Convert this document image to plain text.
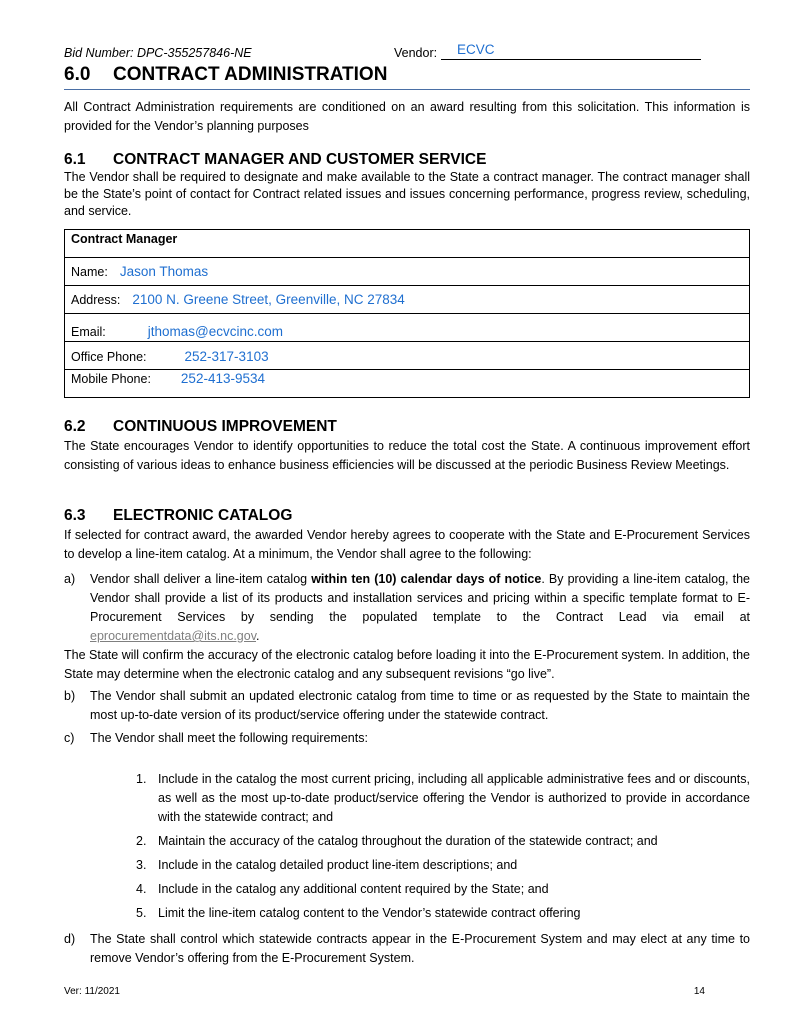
Bid Number: DPC-355257846-NE	Vendor: ECVC
6.0 CONTRACT ADMINISTRATION
All Contract Administration requirements are conditioned on an award resulting from this solicitation. This information is provided for the Vendor’s planning purposes
6.1 CONTRACT MANAGER AND CUSTOMER SERVICE
The Vendor shall be required to designate and make available to the State a contract manager. The contract manager shall be the State’s point of contact for Contract related issues and issues concerning performance, progress review, scheduling, and service.
Contract Manager
Name: Jason Thomas
Address: 2100 N. Greene Street, Greenville, NC 27834
Email:	jthomas@ecvcinc.com
Office Phone:	252-317-3103
Mobile Phone: 252-413-9534
6.2 CONTINUOUS IMPROVEMENT
The State encourages Vendor to identify opportunities to reduce the total cost the State. A continuous improvement effort consisting of various ideas to enhance business efficiencies will be discussed at the periodic Business Review Meetings.
6.3 ELECTRONIC CATALOG
If selected for contract award, the awarded Vendor hereby agrees to cooperate with the State and E-Procurement Services to develop a line-item catalog. At a minimum, the Vendor shall agree to the following:
a) Vendor shall deliver a line-item catalog within ten (10) calendar days of notice. By providing a line-item catalog, the Vendor shall provide a list of its products and installation services and pricing within a specific template format to E-Procurement Services by sending the populated template to the Contract Lead via email at eprocurementdata@its.nc.gov.
The State will confirm the accuracy of the electronic catalog before loading it into the E-Procurement system. In addition, the State may determine when the electronic catalog and any subsequent revisions “go live”.
b) The Vendor shall submit an updated electronic catalog from time to time or as requested by the State to maintain the most up-to-date version of its product/service offering under the statewide contract.
c) The Vendor shall meet the following requirements:
1. Include in the catalog the most current pricing, including all applicable administrative fees and or discounts, as well as the most up-to-date product/service offering the Vendor is authorized to provide in accordance with the statewide contract; and
2. Maintain the accuracy of the catalog throughout the duration of the statewide contract; and
3. Include in the catalog detailed product line-item descriptions; and
4. Include in the catalog any additional content required by the State; and
5. Limit the line-item catalog content to the Vendor’s statewide contract offering
d) The State shall control which statewide contracts appear in the E-Procurement System and may elect at any time to remove Vendor’s offering from the E-Procurement System.
Ver: 11/2021	14
